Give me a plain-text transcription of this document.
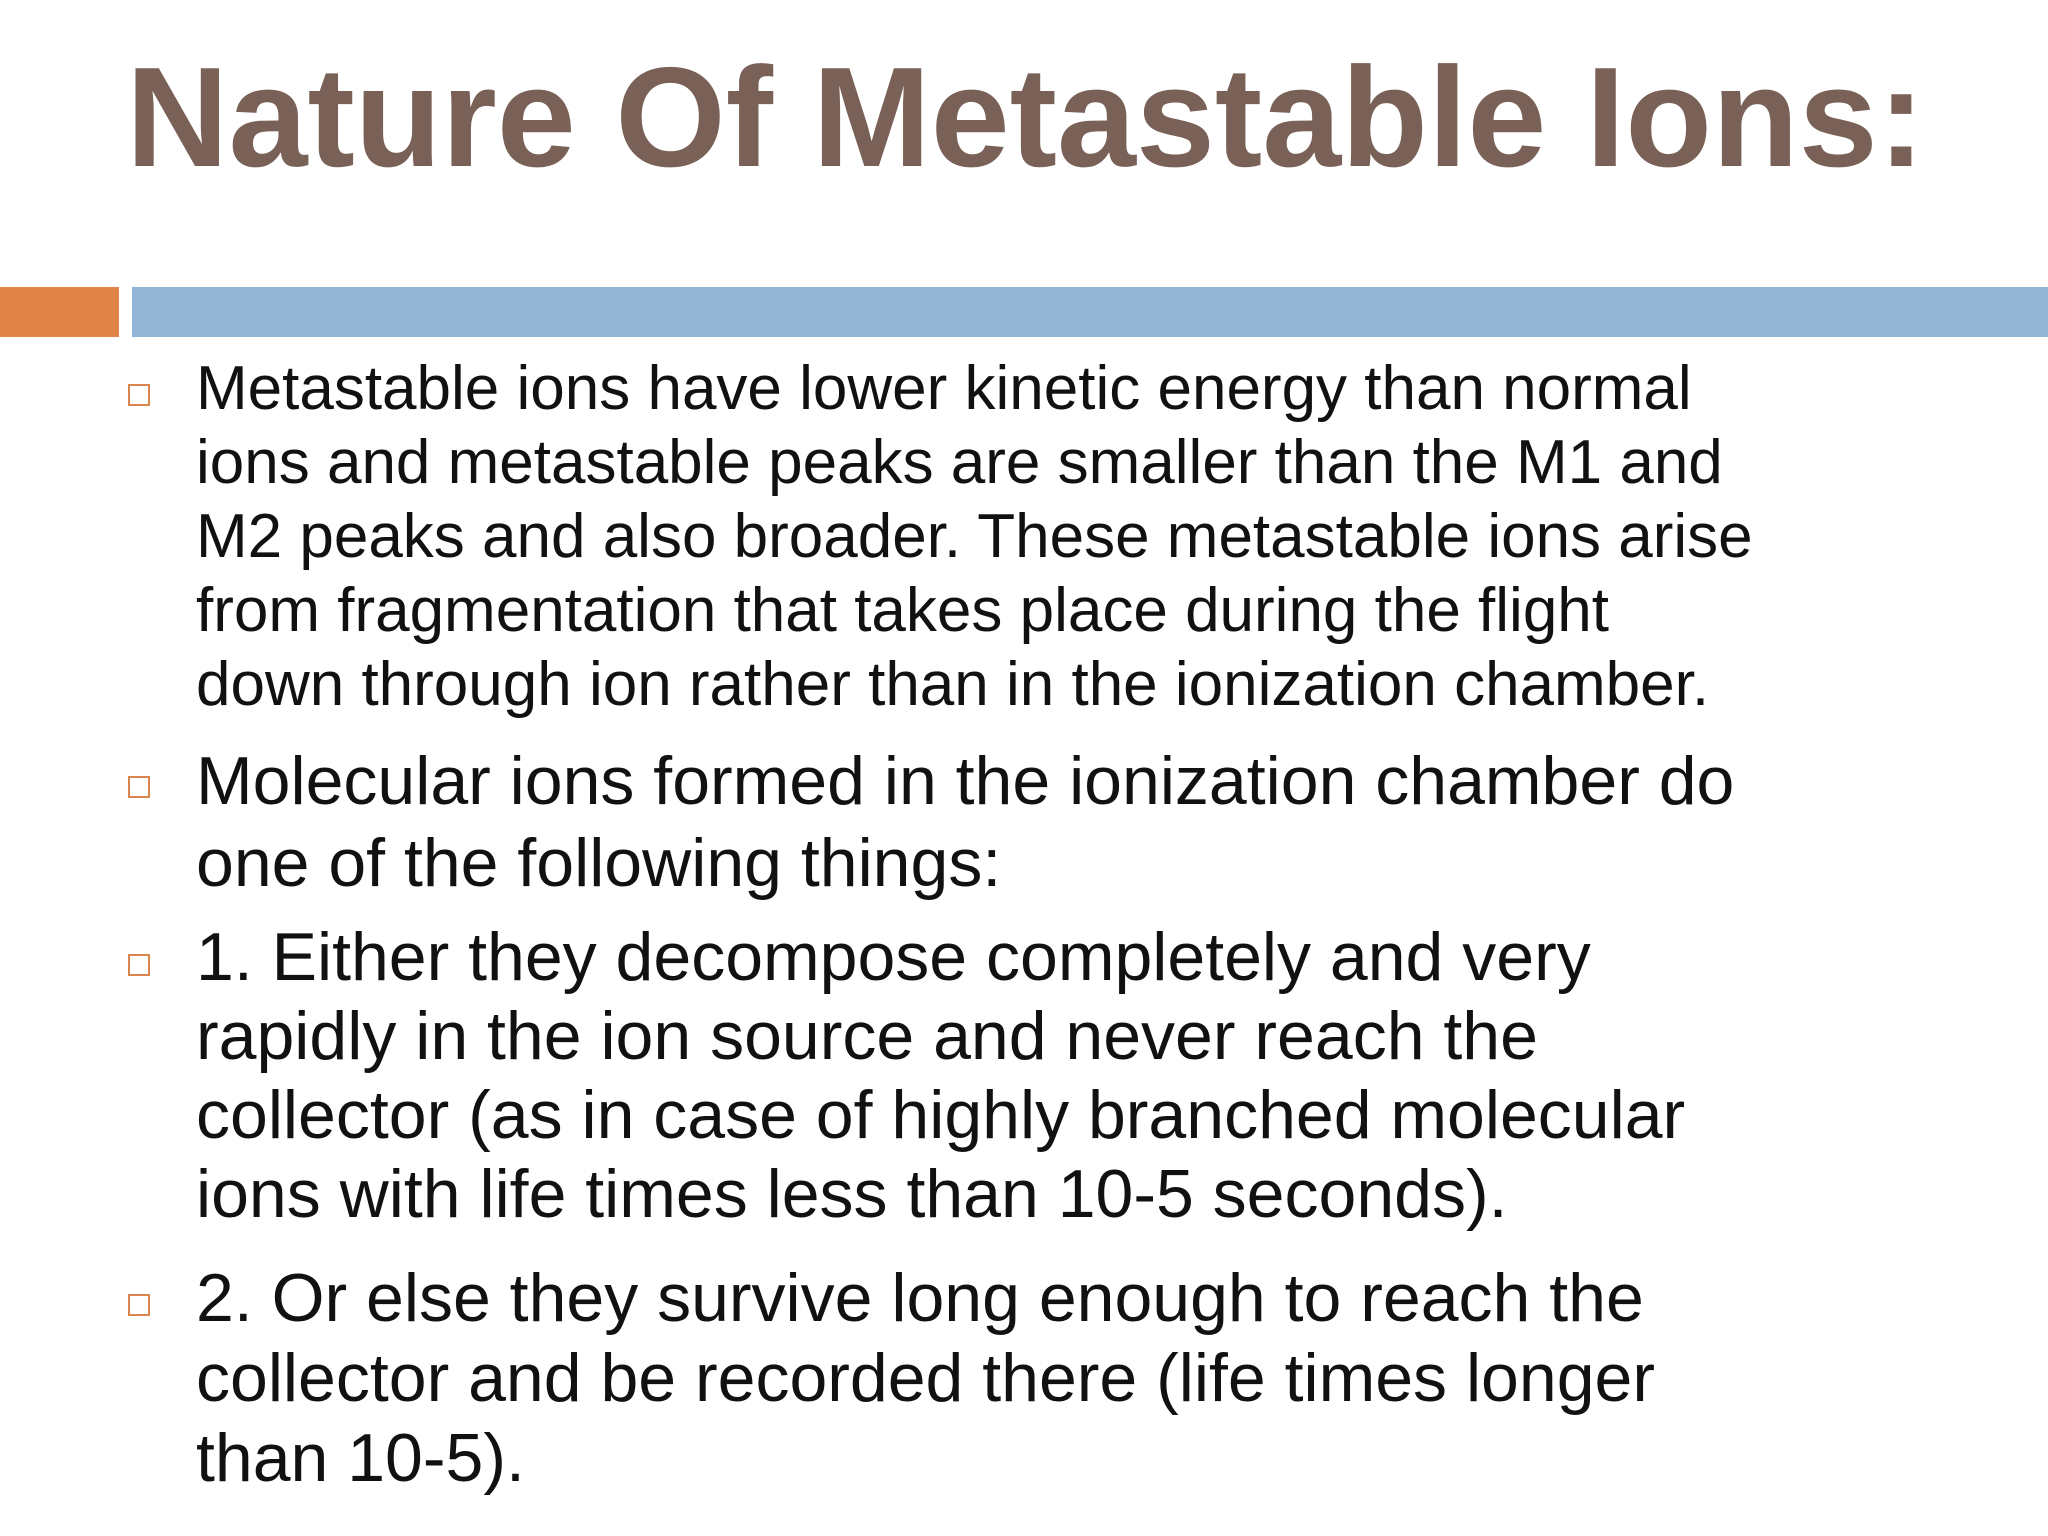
Nature Of Metastable Ions:

Metastable ions have lower kinetic energy than normal
ions and metastable peaks are smaller than the M1 and
M2 peaks and also broader. These metastable ions arise
from fragmentation that takes place during the flight
down through ion rather than in the ionization chamber.

Molecular ions formed in the ionization chamber do
one of the following things:

1. Either they decompose completely and very
rapidly in the ion source and never reach the
collector (as in case of highly branched molecular
ions with life times less than 10-5 seconds).

2. Or else they survive long enough to reach the
collector and be recorded there (life times longer
than 10-5).
